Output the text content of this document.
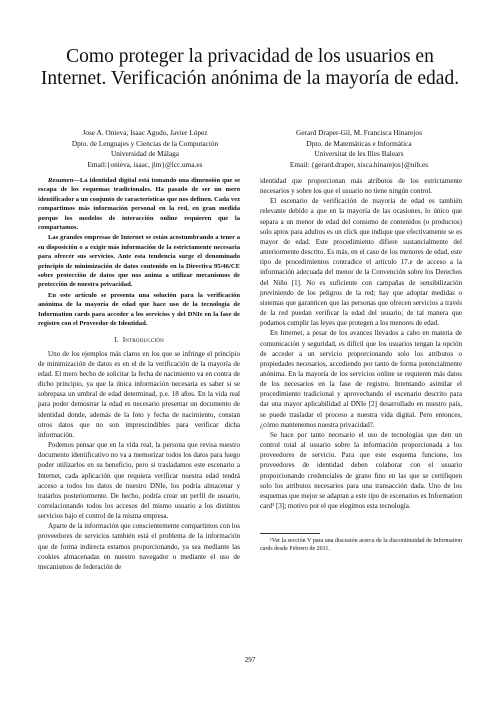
Como proteger la privacidad de los usuarios en Internet. Verificación anónima de la mayoría de edad.
Jose A. Onieva, Isaac Agudo, Javier López
Dpto. de Lenguajes y Ciencias de la Computación
Universidad de Málaga
Email:{onieva, isaac, jlm}@lcc.uma.es
Gerard Draper-Gil, M. Francisca Hinarejos
Dpto. de Matemáticas e Informática
Universitat de les Illes Balears
Email: {gerard.draper, xisca.hinarejos}@uib.es

Resumen—La identidad digital está tomando una dimensión que se escapa de los esquemas tradicionales. Ha pasado de ser un mero identificador a un conjunto de características que nos definen. Cada vez compartimos más información personal en la red, en gran medida porque los modelos de interacción online requieren que la compartamos.

Las grandes empresas de Internet se están acostumbrando a tener a su disposición o a exigir más información de la estrictamente necesaria para ofrecer sus servicios. Ante esta tendencia surge el denominado principio de minimización de datos contenido en la Directiva 95/46/CE sobre protección de datos que nos anima a utilizar mecanismos de protección de nuestra privacidad.

En este artículo se presenta una solución para la verificación anónima de la mayoría de edad que hace uso de la tecnología de Information cards para acceder a los servicios y del DNIe en la fase de registro con el Proveedor de Identidad.

I. Introducción

Uno de los ejemplos más claros en los que se infringe el principio de minimización de datos es en el de la verificación de la mayoría de edad. El mero hecho de solicitar la fecha de nacimiento va en contra de dicho principio, ya que la única información necesaria es saber si se sobrepasa un umbral de edad determinad, p.e. 18 años. En la vida real para poder demostrar la edad es necesario presentar un documento de identidad donde, además de la foto y fecha de nacimiento, constan otros datos que no son imprescindibles para verificar dicha información.

Podemos pensar que en la vida real, la persona que revisa nuestro documento identificativo no va a memorizar todos los datos para luego poder utilizarlos en su beneficio, pero si trasladamos este escenario a Internet, cada aplicación que requiera verificar nuestra edad tendrá acceso a todos los datos de nuestro DNIe, los podría almacenar y tratarlos posteriormente. De hecho, podría crear un perfil de usuario, correlacionando todos los accesos del mismo usuario a los distintos servicios bajo el control de la misma empresa.

Aparte de la información que conscientemente compartimos con los proveedores de servicios también está el problema de la información que de forma indirecta estamos proporcionando, ya sea mediante las cookies almacenadas en nuestro navegador o mediante el uso de mecanismos de federación de

identidad que proporcionan más atributos de los estrictamente necesarios y sobre los que el usuario no tiene ningún control.

El escenario de verificación de mayoría de edad es también relevante debido a que en la mayoría de las ocasiones, lo único que separa a un menor de edad del consumo de contenidos (o productos) solo aptos para adultos es un click que indique que efectivamente se es mayor de edad. Este procedimiento difiere sustancialmente del anteriormente descrito. Es más, en el caso de los menores de edad, este tipo de procedimientos contradice el artículo 17.e de acceso a la información adecuada del menor de la Convención sobre los Derechos del Niño [1]. No es suficiente con campañas de sensibilización previniendo de los peligros de la red; hay que adoptar medidas o sistemas que garanticen que las personas que ofrecen servicios a través de la red puedan verificar la edad del usuario; de tal manera que podamos cumplir las leyes que protegen a los menores de edad.

En Internet, a pesar de los avances llevados a cabo en materia de comunicación y seguridad, es difícil que los usuarios tengan la opción de acceder a un servicio proporcionando solo los atributos o propiedades necesarios, accediendo por tanto de forma potencialmente anónima. En la mayoría de los servicios online se requieren más datos de los necesarios en la fase de registro. Intentando asimilar el procedimiento tradicional y aprovechando el escenario descrito para dar una mayor aplicabilidad al DNIe [2] desarrollado en nuestro país, se puede trasladar el proceso a nuestra vida digital. Pero entonces, ¿cómo mantenemos nuestra privacidad?.

Se hace por tanto necesario el uso de tecnologías que den un control total al usuario sobre la información proporcionada a los proveedores de servicio. Para que este esquema funcione, los proveedores de identidad deben colaborar con el usuario proporcionando credenciales de grano fino en las que se certifiquen solo los atributos necesarios para una transacción dada. Uno de los esquemas que mejor se adaptan a este tipo de escenarios es Information card¹ [3]; motivo por el que elegimos esta tecnología.

¹Ver la sección V para una discusión acerca de la discontinuidad de Information cards desde Febrero de 2011.

297
